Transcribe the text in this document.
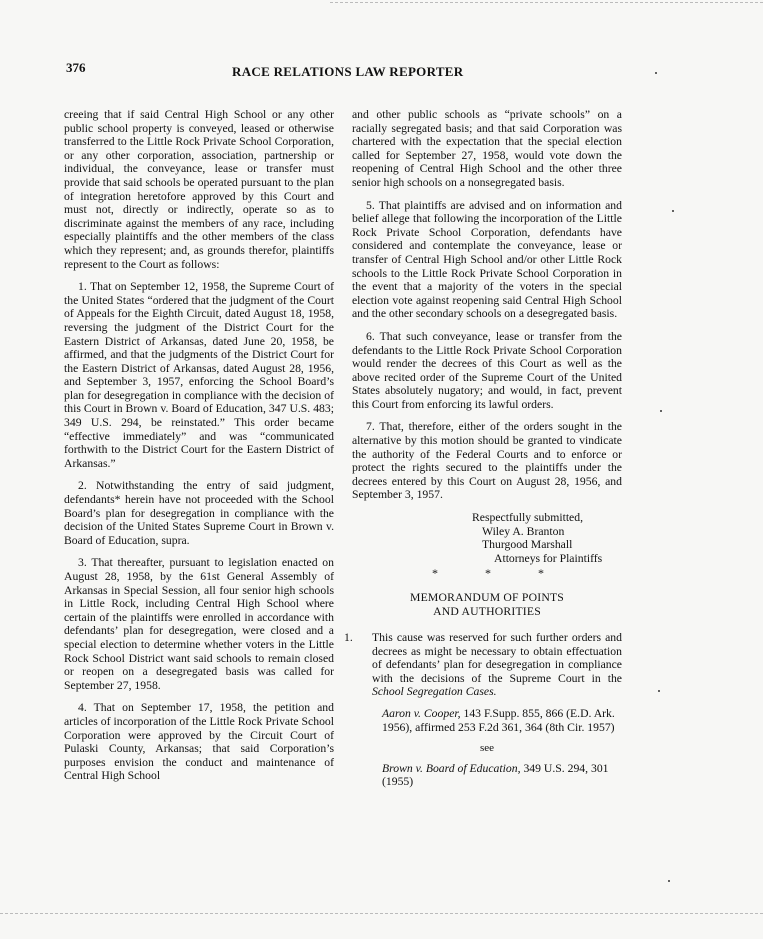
376	RACE RELATIONS LAW REPORTER

creeing that if said Central High School or any other public school property is conveyed, leased or otherwise transferred to the Little Rock Private School Corporation, or any other corporation, association, partnership or individual, the conveyance, lease or transfer must provide that said schools be operated pursuant to the plan of integration heretofore approved by this Court and must not, directly or indirectly, operate so as to discriminate against the members of any race, including especially plaintiffs and the other members of the class which they represent; and, as grounds therefor, plaintiffs represent to the Court as follows:

1. That on September 12, 1958, the Supreme Court of the United States “ordered that the judgment of the Court of Appeals for the Eighth Circuit, dated August 18, 1958, reversing the judgment of the District Court for the Eastern District of Arkansas, dated June 20, 1958, be affirmed, and that the judgments of the District Court for the Eastern District of Arkansas, dated August 28, 1956, and September 3, 1957, enforcing the School Board’s plan for desegregation in compliance with the decision of this Court in Brown v. Board of Education, 347 U.S. 483; 349 U.S. 294, be reinstated.” This order became “effective immediately” and was “communicated forthwith to the District Court for the Eastern District of Arkansas.”

2. Notwithstanding the entry of said judgment, defendants* herein have not proceeded with the School Board’s plan for desegregation in compliance with the decision of the United States Supreme Court in Brown v. Board of Education, supra.

3. That thereafter, pursuant to legislation enacted on August 28, 1958, by the 61st General Assembly of Arkansas in Special Session, all four senior high schools in Little Rock, including Central High School where certain of the plaintiffs were enrolled in accordance with defendants’ plan for desegregation, were closed and a special election to determine whether voters in the Little Rock School District want said schools to remain closed or reopen on a desegregated basis was called for September 27, 1958.

4. That on September 17, 1958, the petition and articles of incorporation of the Little Rock Private School Corporation were approved by the Circuit Court of Pulaski County, Arkansas; that said Corporation’s purposes envision the conduct and maintenance of Central High School

and other public schools as “private schools” on a racially segregated basis; and that said Corporation was chartered with the expectation that the special election called for September 27, 1958, would vote down the reopening of Central High School and the other three senior high schools on a nonsegregated basis.

5. That plaintiffs are advised and on information and belief allege that following the incorporation of the Little Rock Private School Corporation, defendants have considered and contemplate the conveyance, lease or transfer of Central High School and/or other Little Rock schools to the Little Rock Private School Corporation in the event that a majority of the voters in the special election vote against reopening said Central High School and the other secondary schools on a desegregated basis.

6. That such conveyance, lease or transfer from the defendants to the Little Rock Private School Corporation would render the decrees of this Court as well as the above recited order of the Supreme Court of the United States absolutely nugatory; and would, in fact, prevent this Court from enforcing its lawful orders.

7. That, therefore, either of the orders sought in the alternative by this motion should be granted to vindicate the authority of the Federal Courts and to enforce or protect the rights secured to the plaintiffs under the decrees entered by this Court on August 28, 1956, and September 3, 1957.

Respectfully submitted,
Wiley A. Branton
Thurgood Marshall
Attorneys for Plaintiffs
* * *
MEMORANDUM OF POINTS
AND AUTHORITIES
1. This cause was reserved for such further orders and decrees as might be necessary to obtain effectuation of defendants’ plan for desegregation in compliance with the decisions of the Supreme Court in the School Segregation Cases.
Aaron v. Cooper, 143 F.Supp. 855, 866 (E.D. Ark. 1956), affirmed 253 F.2d 361, 364 (8th Cir. 1957)
see
Brown v. Board of Education, 349 U.S. 294, 301 (1955)
